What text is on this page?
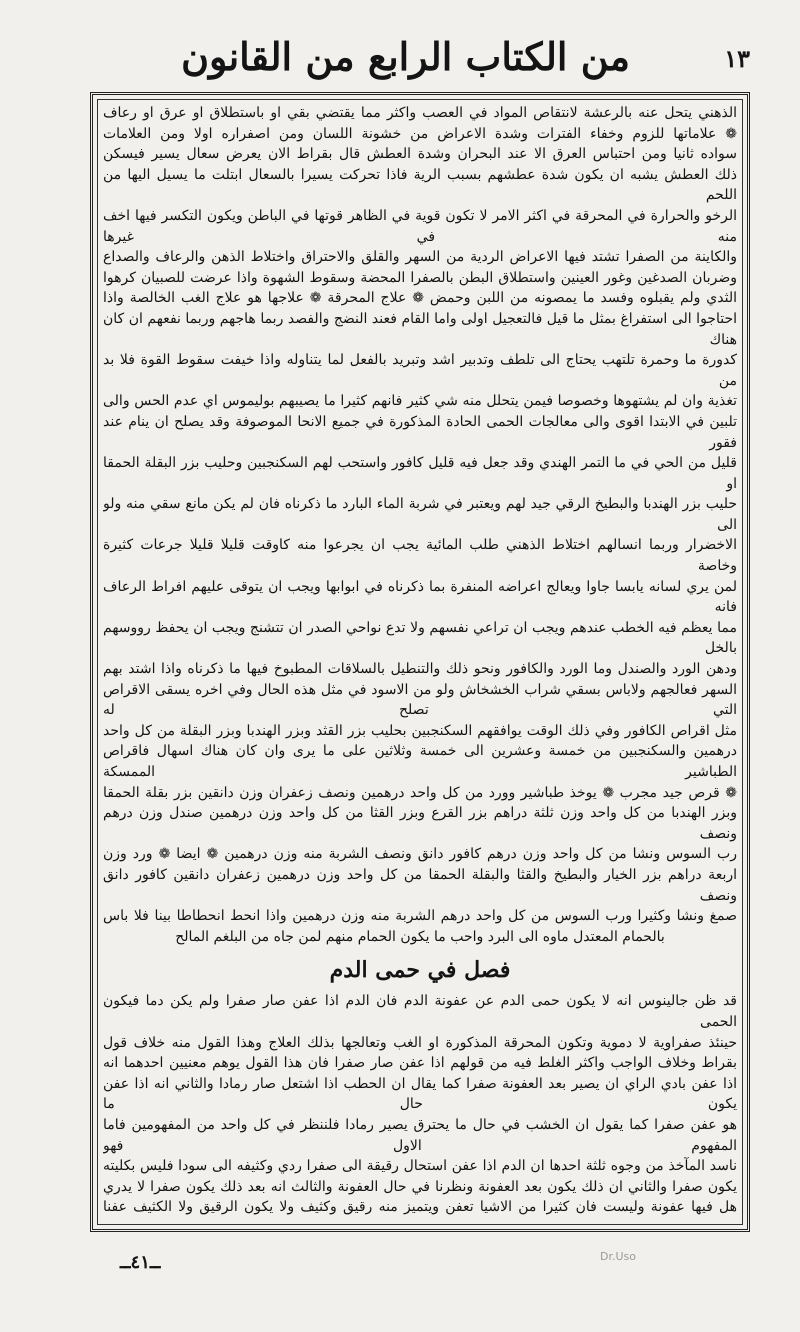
من الكتاب الرابع من القانون	١٣

الذهني يتحل عنه بالرعشة لانتقاص المواد في العصب واكثر مما يقتضي بقي او باستطلاق او عرق او رعاف

❁ علاماتها للزوم وخفاء الفترات وشدة الاعراض من خشونة اللسان ومن اصفراره اولا ومن العلامات

سواده ثانيا ومن احتباس العرق الا عند البحران وشدة العطش قال بقراط الان يعرض سعال يسير فيسكن

ذلك العطش يشبه ان يكون شدة عطشهم بسبب الرية فاذا تحركت يسيرا بالسعال ابتلت ما يسيل اليها من اللحم

الرخو والحرارة في المحرقة في اكثر الامر لا تكون قوية في الظاهر قوتها في الباطن ويكون التكسر فيها اخف منه في غيرها

والكاينة من الصفرا تشتد فيها الاعراض الردية من السهر والقلق والاحتراق واختلاط الذهن والرعاف والصداع

وضربان الصدغين وغور العينين واستطلاق البطن بالصفرا المحضة وسقوط الشهوة واذا عرضت للصبيان كرهوا

الثدي ولم يقبلوه وفسد ما يمصونه من اللبن وحمض ❁ علاج المحرقة ❁ علاجها هو علاج الغب الخالصة واذا

احتاجوا الى استفراغ بمثل ما قيل فالتعجيل اولى واما القام فعند النضج والفصد ربما هاجهم وربما نفعهم ان كان هناك

كدورة ما وحمرة تلتهب يحتاج الى تلطف وتدبير اشد وتبريد بالفعل لما يتناوله واذا خيفت سقوط القوة فلا بد من

تغذية وان لم يشتهوها وخصوصا فيمن يتحلل منه شي كثير فانهم كثيرا ما يصيبهم بوليموس اي عدم الحس والى

تلبين في الابتدا اقوى والى معالجات الحمى الحادة المذكورة في جميع الانحا الموصوفة وقد يصلح ان ينام عند فقور

قليل من الحي في ما التمر الهندي وقد جعل فيه قليل كافور واستحب لهم السكنجبين وحليب بزر البقلة الحمقا او

حليب بزر الهندبا والبطيخ الرقي جيد لهم ويعتبر في شربة الماء البارد ما ذكرناه فان لم يكن مانع سقي منه ولو الى

الاخضرار وربما انسالهم اختلاط الذهني طلب المائية يجب ان يجرعوا منه كاوقت قليلا قليلا جرعات كثيرة وخاصة

لمن يري لسانه يابسا جاوا ويعالج اعراضه المنفرة بما ذكرناه في ابوابها ويجب ان يتوقى عليهم افراط الرعاف فانه

مما يعظم فيه الخطب عندهم ويجب ان تراعي نفسهم ولا تدع نواحي الصدر ان تتشنج ويجب ان يحفظ رووسهم بالخل

ودهن الورد والصندل وما الورد والكافور ونحو ذلك والتنطيل بالسلاقات المطبوخ فيها ما ذكرناه واذا اشتد بهم

السهر فعالجهم ولاباس بسقي شراب الخشخاش ولو من الاسود في مثل هذه الحال وفي اخره يسقى الاقراص التي تصلح له

مثل اقراص الكافور وفي ذلك الوقت يوافقهم السكنجبين بحليب بزر القثد وبزر الهندبا وبزر البقلة من كل واحد

درهمين والسكنجبين من خمسة وعشرين الى خمسة وثلاثين على ما يرى وان كان هناك اسهال فاقراص الطباشير الممسكة

❁ قرص جيد مجرب ❁ يوخذ طباشير وورد من كل واحد درهمين ونصف زعفران وزن دانقين بزر بقلة الحمقا

وبزر الهندبا من كل واحد وزن ثلثة دراهم بزر القرع وبزر القثا من كل واحد وزن درهمين صندل وزن درهم ونصف

رب السوس ونشا من كل واحد وزن درهم كافور دانق ونصف الشربة منه وزن درهمين ❁ ايضا ❁ ورد وزن

اربعة دراهم بزر الخيار والبطيخ والقثا والبقلة الحمقا من كل واحد وزن درهمين زعفران دانقين كافور دانق ونصف

صمغ ونشا وكثيرا ورب السوس من كل واحد درهم الشربة منه وزن درهمين واذا انحط انحطاطا بينا فلا باس

بالحمام المعتدل ماوه الى البرد واحب ما يكون الحمام منهم لمن جاه من البلغم المالح

فصل في حمى الدم

قد ظن جالينوس انه لا يكون حمى الدم عن عفونة الدم فان الدم اذا عفن صار صفرا ولم يكن دما فيكون الحمى

حينئذ صفراوية لا دموية وتكون المحرقة المذكورة او الغب وتعالجها بذلك العلاج وهذا القول منه خلاف قول

بقراط وخلاف الواجب واكثر الغلط فيه من قولهم اذا عفن صار صفرا فان هذا القول يوهم معنيين احدهما انه

اذا عفن بادي الراي ان يصير بعد العفونة صفرا كما يقال ان الحطب اذا اشتعل صار رمادا والثاني انه اذا عفن يكون حال ما

هو عفن صفرا كما يقول ان الخشب في حال ما يحترق يصير رمادا فلننظر في كل واحد من المفهومين فاما المفهوم الاول فهو

ناسد المآخذ من وجوه ثلثة احدها ان الدم اذا عفن استحال رقيقة الى صفرا ردي وكثيفه الى سودا فليس بكليته

يكون صفرا والثاني ان ذلك يكون بعد العفونة ونظرنا في حال العفونة والثالث انه بعد ذلك يكون صفرا لا يدري

هل فيها عفونة وليست فان كثيرا من الاشيا تعفن ويتميز منه رقيق وكثيف ولا يكون الرقيق ولا الكثيف عفنا

ــ٤١ــ	Dr.Uso
